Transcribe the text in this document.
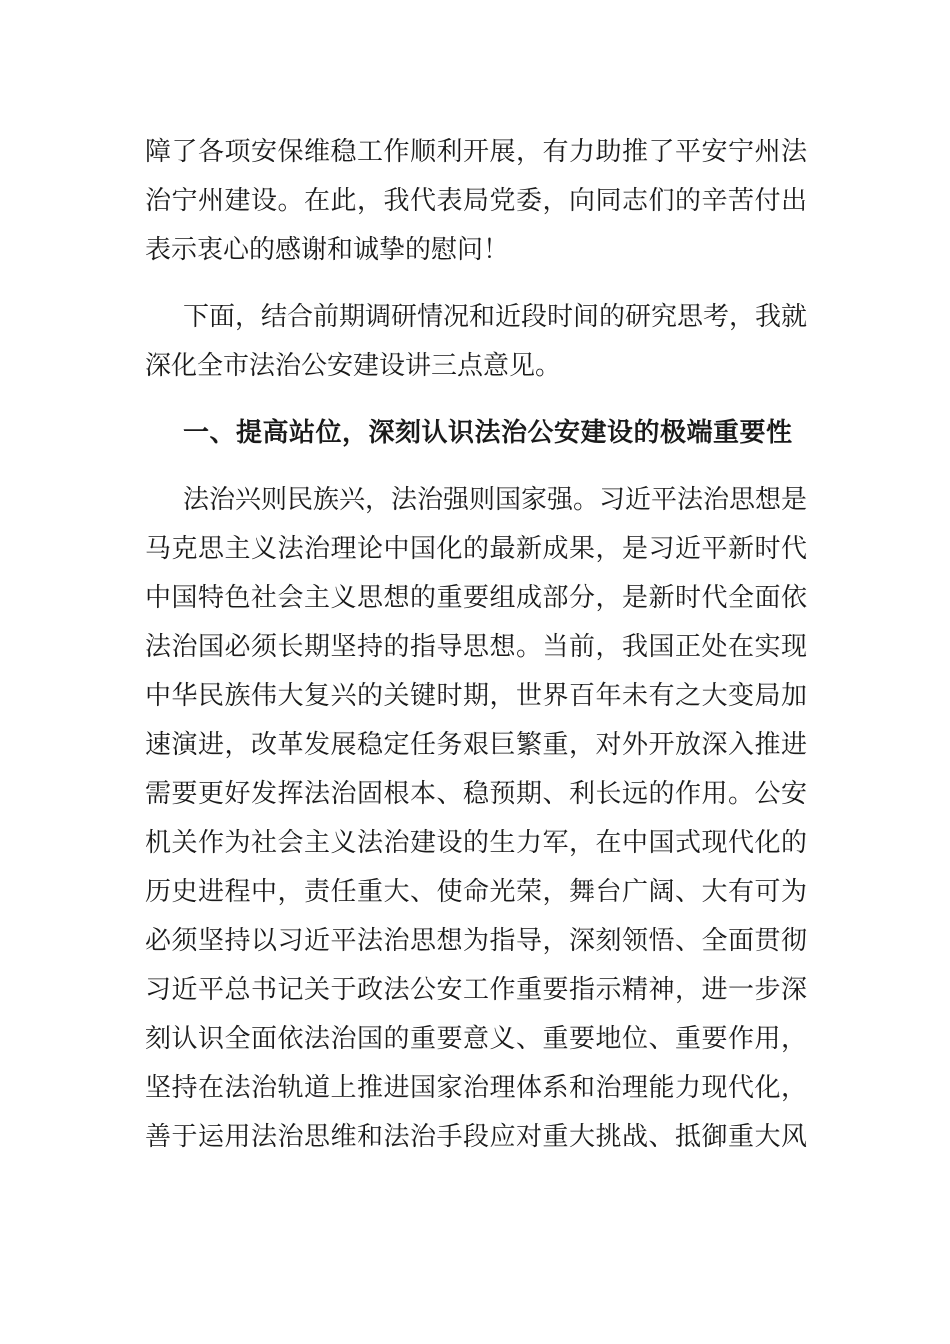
障了各项安保维稳工作顺利开展，有力助推了平安宁州法
治宁州建设。在此，我代表局党委，向同志们的辛苦付出
表示衷心的感谢和诚挚的慰问！
下面，结合前期调研情况和近段时间的研究思考，我就
深化全市法治公安建设讲三点意见。
一、提高站位，深刻认识法治公安建设的极端重要性
法治兴则民族兴，法治强则国家强。习近平法治思想是
马克思主义法治理论中国化的最新成果，是习近平新时代
中国特色社会主义思想的重要组成部分，是新时代全面依
法治国必须长期坚持的指导思想。当前，我国正处在实现
中华民族伟大复兴的关键时期，世界百年未有之大变局加
速演进，改革发展稳定任务艰巨繁重，对外开放深入推进
需要更好发挥法治固根本、稳预期、利长远的作用。公安
机关作为社会主义法治建设的生力军，在中国式现代化的
历史进程中，责任重大、使命光荣，舞台广阔、大有可为
必须坚持以习近平法治思想为指导，深刻领悟、全面贯彻
习近平总书记关于政法公安工作重要指示精神，进一步深
刻认识全面依法治国的重要意义、重要地位、重要作用，
坚持在法治轨道上推进国家治理体系和治理能力现代化，
善于运用法治思维和法治手段应对重大挑战、抵御重大风
